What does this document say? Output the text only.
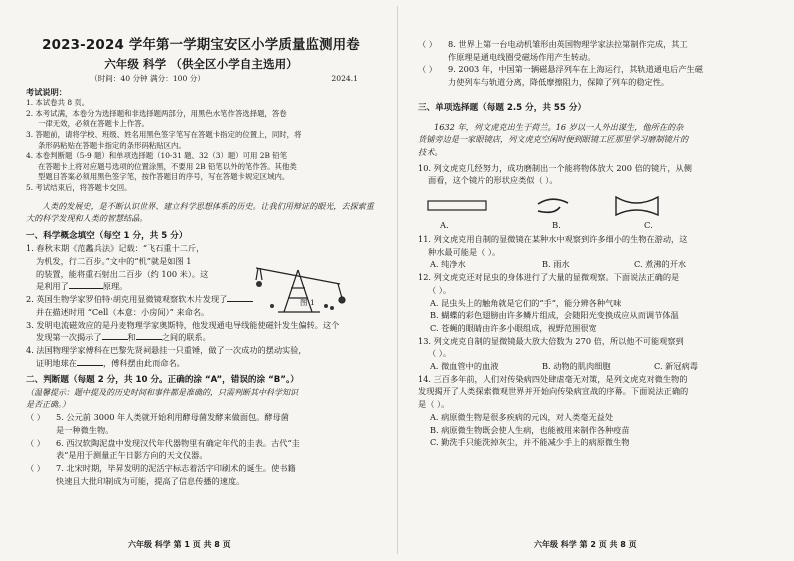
2023-2024 学年第一学期宝安区小学质量监测用卷
六年级 科学 （供全区小学自主选用）
（时间：40 分钟 满分：100 分）	2024.1
考试说明：

1. 本试卷共 8 页。

2. 本考试满，本卷分为选择题和非选择题两部分，用黑色水笔作答选择题，答卷

一律无效，必须在答题卡上作答。

3. 答题前，请将学校、班级、姓名用黑色签字笔写在答题卡指定的位置上，同时，将

条形码粘贴在答题卡指定的条形码粘贴区内。

4. 本卷判断题（5-9 题）和单项选择题（10-31 题、32（3）题）可用 2B 铅笔

在答题卡上将对应题号选项的位置涂黑，不要用 2B 铅笔以外的笔作答。其他类

型题目答案必须用黑色签字笔，按作答题目的序号，写在答题卡规定区域内。

5. 考试结束后，将答题卡交回。

人类的发展史，是不断认识世界、建立科学思想体系的历史。让我们用辩证的眼光，去探索重大的科学发现和人类的智慧结晶。
一、科学概念填空（每空 1 分，共 5 分）

1. 春秋末期《范蠡兵法》记载：“飞石重十二斤，

为机发，行二百步。”文中的“机”就是如图 1

的装置，能将重石射出二百步（约 100 米）。这

是利用了	原理。

2. 英国生物学家罗伯特·胡克用显微镜观察软木片发现了

并在描述时用 “Cell（本意：小房间）” 来命名。

3. 发明电流磁效应的是丹麦物理学家奥斯特，他发现通电导线能使磁针发生偏转。这个

发现第一次揭示了	和	之间的联系。

4. 法国物理学家傅科在巴黎先贤祠悬挂一只重锤，做了一次成功的摆动实验，

证明地球在	，傅科摆由此而命名。

二、判断题（每题 2 分，共 10 分。正确的涂 “A”，错误的涂 “B”。）

（温馨提示：题中提及的历史时间和事件都是准确的，只需判断其中科学知识

是否正确。）

（ ）	5. 公元前 3000 年人类就开始利用酵母菌发酵来做面包。酵母菌

是一种微生物。

（ ）	6. 西汉软陶泥盘中发现汉代年代器物里有确定年代的圭表。古代“圭

表”是用于测量正午日影方向的天文仪器。

（ ）	7. 北宋时期，毕昇发明的泥活字标志着活字印刷术的诞生。使书籍

快速且大批印制成为可能，提高了信息传播的速度。

图 1
（ ）	8. 世界上第一台电动机雏形由英国物理学家法拉第制作完成，其工

作原理是通电线圈受磁场作用产生转动。

（ ）	9. 2003 年，中国第一辆磁悬浮列车在上海运行，其轨道通电后产生磁

力使列车与轨道分离，降低摩擦阻力，保障了列车的稳定性。

三、单项选择题（每题 2.5 分，共 55 分）

1632 年，列文虎克出生于荷兰。16 岁以一人外出谋生，他所在的杂

货铺旁边是一家眼镜店，列文虎克空闲时便到眼镜工匠那里学习磨制镜片的

技术。

10. 列文虎克几经努力，成功磨制出一个能将物体放大 200 倍的镜片，从侧

面看，这个镜片的形状应类似（ ）。

A.	B.	C.

11. 列文虎克用自制的显微镜在某种水中观察到许多细小的生物在游动，这

种水最可能是（ ）。

A. 纯净水	B. 雨水	C. 煮沸的开水

12. 列文虎克还对昆虫的身体进行了大量的显微观察。下面说法正确的是

（ ）。

A. 昆虫头上的触角就是它们的“手”，能分辨各种气味

B. 蝴蝶的彩色翅膀由许多鳞片组成，会随阳光变换成应从而调节体温

C. 苍蝇的眼睛由许多小眼组成，视野范围很宽

13. 列文虎克自制的显微镜最大放大倍数为 270 倍，所以他不可能观察到

（ ）。

A. 微血管中的血液	B. 动物的肌肉细胞	C. 新冠病毒

14. 三百多年前，人们对传染病四处肆虐毫无对策，是列文虎克对微生物的

发现揭开了人类探索微观世界并开始向传染病宣战的序幕。下面说法正确的

是（ ）。

A. 病原微生物是很多疾病的元凶，对人类毫无益处

B. 病原微生物既会使人生病，也能被用来制作各种疫苗

C. 勤洗手只能洗掉灰尘，并不能减少手上的病原微生物

六年级 科学 第 1 页 共 8 页	六年级 科学 第 2 页 共 8 页
